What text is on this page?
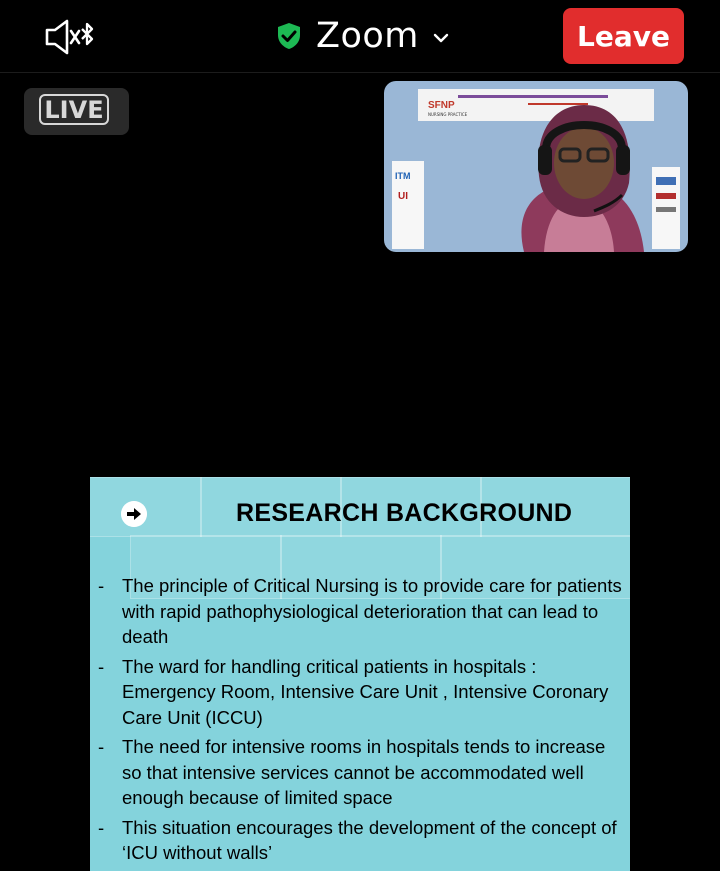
Zoom	Leave
LIVE	SFNP
NURSING PRACTICE
ITM
UI
RESEARCH BACKGROUND
- The principle of Critical Nursing is to provide care for patients with rapid pathophysiological deterioration that can lead to death
- The ward for handling critical patients in hospitals : Emergency Room, Intensive Care Unit , Intensive Coronary Care Unit (ICCU)
- The need for intensive rooms in hospitals tends to increase so that intensive services cannot be accommodated well enough because of limited space
- This situation encourages the development of the concept of ‘ICU without walls’
